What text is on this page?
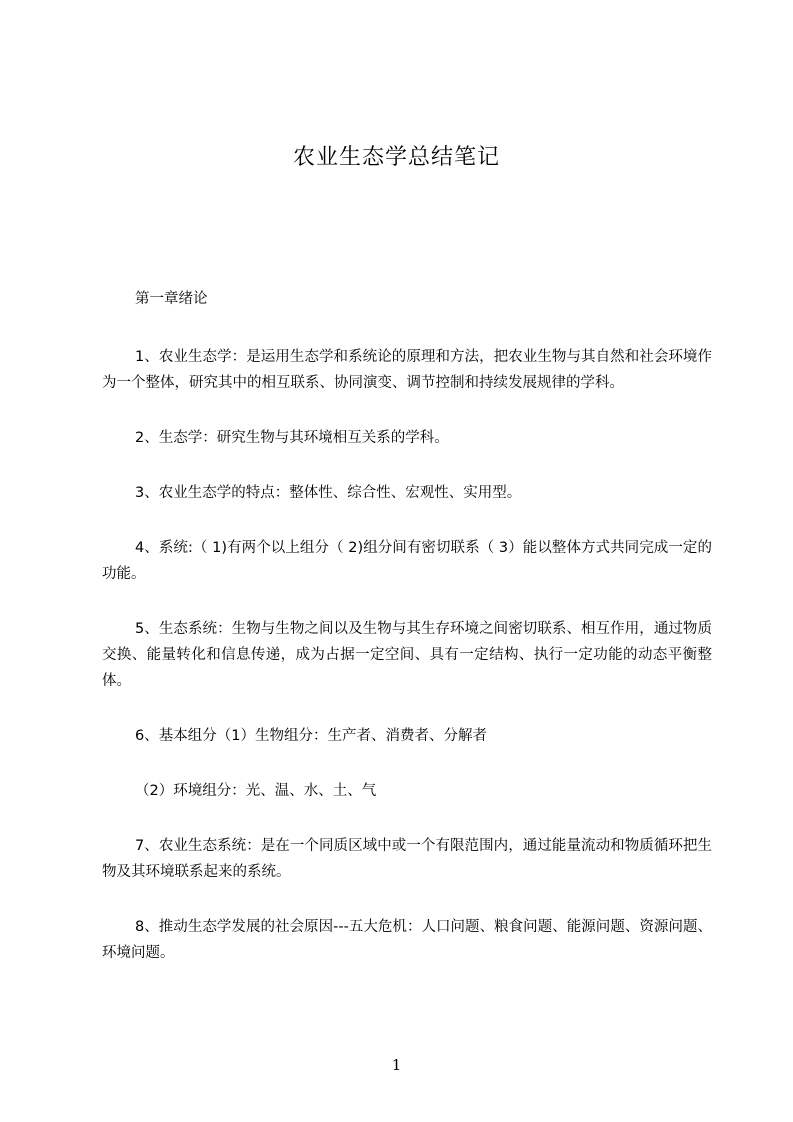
农业生态学总结笔记

第一章绪论

1、农业生态学：是运用生态学和系统论的原理和方法，把农业生物与其自然和社会环境作为一个整体，研究其中的相互联系、协同演变、调节控制和持续发展规律的学科。

2、生态学：研究生物与其环境相互关系的学科。

3、农业生态学的特点：整体性、综合性、宏观性、实用型。

4、系统:（ 1)有两个以上组分（ 2)组分间有密切联系（ 3）能以整体方式共同完成一定的功能。

5、生态系统：生物与生物之间以及生物与其生存环境之间密切联系、相互作用，通过物质交换、能量转化和信息传递，成为占据一定空间、具有一定结构、执行一定功能的动态平衡整体。

6、基本组分（1）生物组分：生产者、消费者、分解者

（2）环境组分：光、温、水、土、气

7、农业生态系统：是在一个同质区域中或一个有限范围内，通过能量流动和物质循环把生物及其环境联系起来的系统。

8、推动生态学发展的社会原因---五大危机：人口问题、粮食问题、能源问题、资源问题、环境问题。

1
